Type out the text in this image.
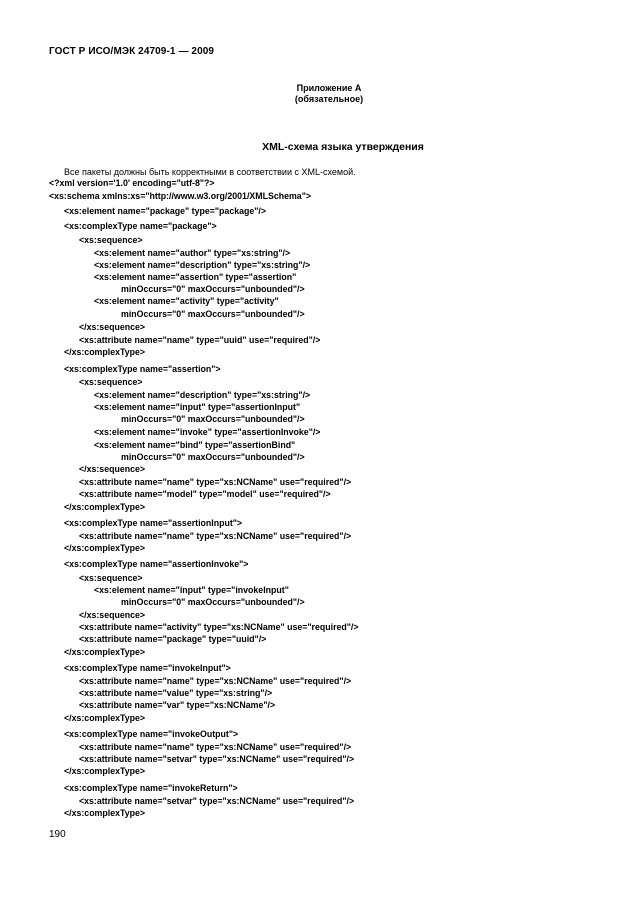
ГОСТ Р ИСО/МЭК 24709-1 — 2009
Приложение А
(обязательное)
XML-схема языка утверждения
Все пакеты должны быть корректными в соответствии с XML-схемой.
<?xml version='1.0' encoding="utf-8"?>
<xs:schema xmlns:xs="http://www.w3.org/2001/XMLSchema">
<xs:element name="package" type="package"/>
<xs:complexType name="package">
<xs:sequence>
<xs:element name="author" type="xs:string"/>
<xs:element name="description" type="xs:string"/>
<xs:element name="assertion" type="assertion"
minOccurs="0" maxOccurs="unbounded"/>
<xs:element name="activity" type="activity"
minOccurs="0" maxOccurs="unbounded"/>
</xs:sequence>
<xs:attribute name="name" type="uuid" use="required"/>
</xs:complexType>
<xs:complexType name="assertion">
<xs:sequence>
<xs:element name="description" type="xs:string"/>
<xs:element name="input" type="assertionInput"
minOccurs="0" maxOccurs="unbounded"/>
<xs:element name="invoke" type="assertionInvoke"/>
<xs:element name="bind" type="assertionBind"
minOccurs="0" maxOccurs="unbounded"/>
</xs:sequence>
<xs:attribute name="name" type="xs:NCName" use="required"/>
<xs:attribute name="model" type="model" use="required"/>
</xs:complexType>
<xs:complexType name="assertionInput">
<xs:attribute name="name" type="xs:NCName" use="required"/>
</xs:complexType>
<xs:complexType name="assertionInvoke">
<xs:sequence>
<xs:element name="input" type="invokeInput"
minOccurs="0" maxOccurs="unbounded"/>
</xs:sequence>
<xs:attribute name="activity" type="xs:NCName" use="required"/>
<xs:attribute name="package" type="uuid"/>
</xs:complexType>
<xs:complexType name="invokeInput">
<xs:attribute name="name" type="xs:NCName" use="required"/>
<xs:attribute name="value" type="xs:string"/>
<xs:attribute name="var" type="xs:NCName"/>
</xs:complexType>
<xs:complexType name="invokeOutput">
<xs:attribute name="name" type="xs:NCName" use="required"/>
<xs:attribute name="setvar" type="xs:NCName" use="required"/>
</xs:complexType>
<xs:complexType name="invokeReturn">
<xs:attribute name="setvar" type="xs:NCName" use="required"/>
</xs:complexType>
190
